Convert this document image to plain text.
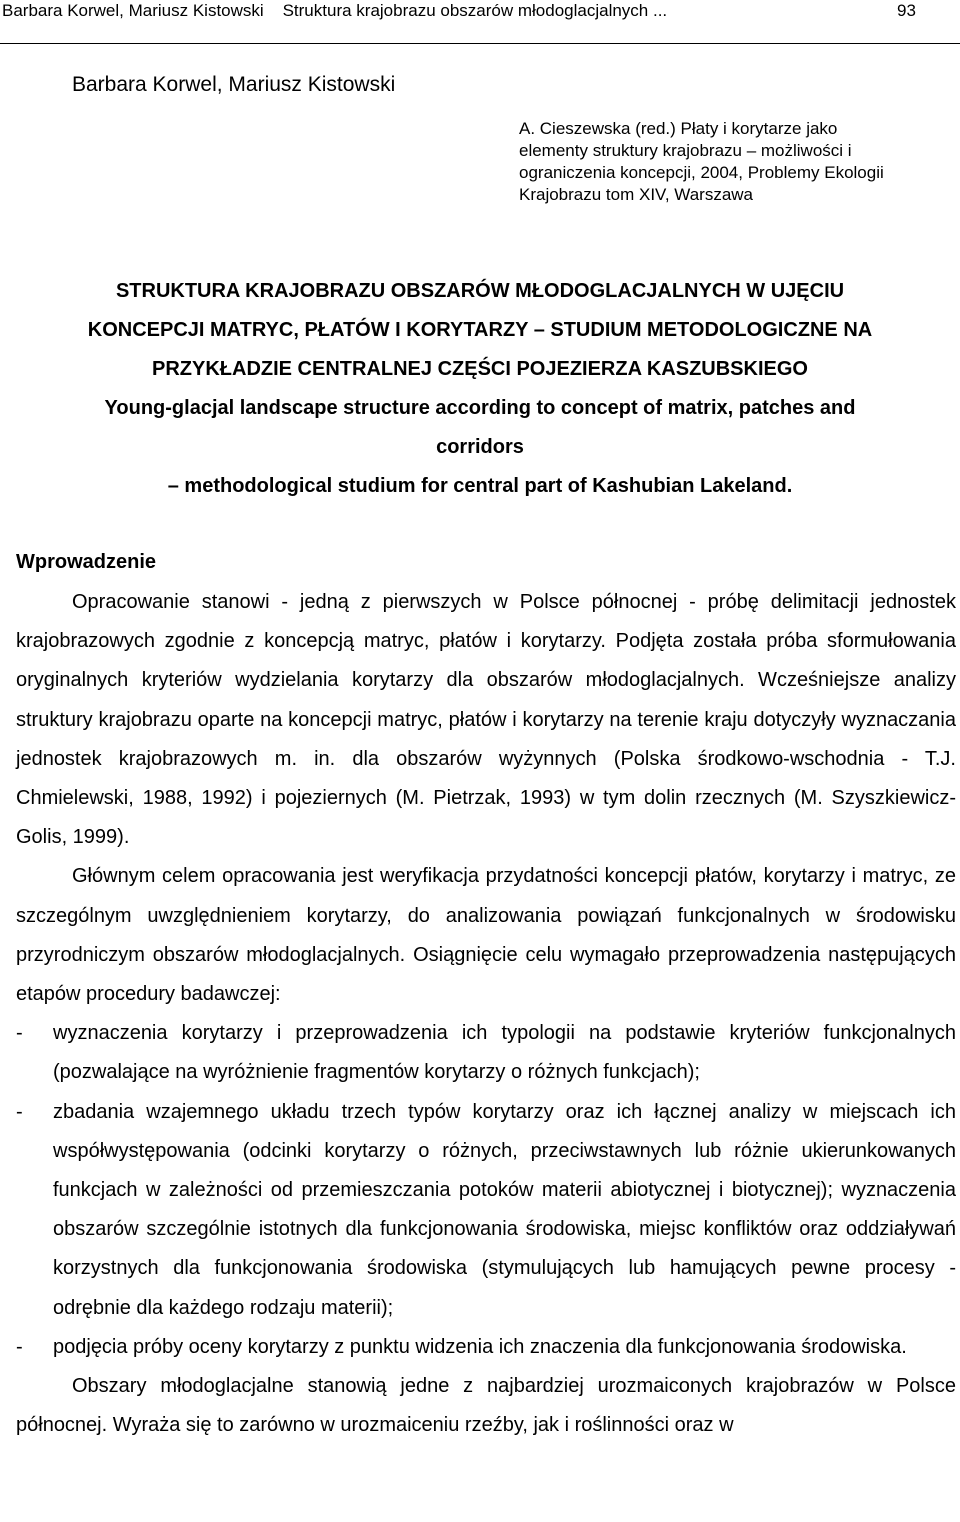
Barbara Korwel, Mariusz Kistowski    Struktura krajobrazu obszarów młodoglacjalnych ...	93
Barbara Korwel, Mariusz Kistowski
A. Cieszewska (red.) Płaty i korytarze jako
elementy struktury krajobrazu – możliwości i
ograniczenia koncepcji, 2004, Problemy Ekologii
Krajobrazu tom XIV, Warszawa
STRUKTURA KRAJOBRAZU OBSZARÓW MŁODOGLACJALNYCH W UJĘCIU
KONCEPCJI MATRYC, PŁATÓW I KORYTARZY – STUDIUM METODOLOGICZNE NA
PRZYKŁADZIE CENTRALNEJ CZĘŚCI POJEZIERZA KASZUBSKIEGO
Young-glacjal landscape structure according to concept of matrix, patches and
corridors
– methodological studium for central part of Kashubian Lakeland.
Wprowadzenie

Opracowanie stanowi - jedną z pierwszych w Polsce północnej - próbę delimitacji jednostek krajobrazowych zgodnie z koncepcją matryc, płatów i korytarzy. Podjęta została próba sformułowania oryginalnych kryteriów wydzielania korytarzy dla obszarów młodoglacjalnych. Wcześniejsze analizy struktury krajobrazu oparte na koncepcji matryc, płatów i korytarzy na terenie kraju dotyczyły wyznaczania jednostek krajobrazowych m. in. dla obszarów wyżynnych (Polska środkowo-wschodnia - T.J. Chmielewski, 1988, 1992) i pojeziernych (M. Pietrzak, 1993) w tym dolin rzecznych (M. Szyszkiewicz-Golis, 1999).

Głównym celem opracowania jest weryfikacja przydatności koncepcji płatów, korytarzy i matryc, ze szczególnym uwzględnieniem korytarzy, do analizowania powiązań funkcjonalnych w środowisku przyrodniczym obszarów młodoglacjalnych. Osiągnięcie celu wymagało przeprowadzenia następujących etapów procedury badawczej:

- wyznaczenia korytarzy i przeprowadzenia ich typologii na podstawie kryteriów funkcjonalnych (pozwalające na wyróżnienie fragmentów korytarzy o różnych funkcjach);
- zbadania wzajemnego układu trzech typów korytarzy oraz ich łącznej analizy w miejscach ich współwystępowania (odcinki korytarzy o różnych, przeciwstawnych lub różnie ukierunkowanych funkcjach w zależności od przemieszczania potoków materii abiotycznej i biotycznej); wyznaczenia obszarów szczególnie istotnych dla funkcjonowania środowiska, miejsc konfliktów oraz oddziaływań korzystnych dla funkcjonowania środowiska (stymulujących lub hamujących pewne procesy - odrębnie dla każdego rodzaju materii);
- podjęcia próby oceny korytarzy z punktu widzenia ich znaczenia dla funkcjonowania środowiska.

Obszary młodoglacjalne stanowią jedne z najbardziej urozmaiconych krajobrazów w Polsce północnej. Wyraża się to zarówno w urozmaiceniu rzeźby, jak i roślinności oraz w
